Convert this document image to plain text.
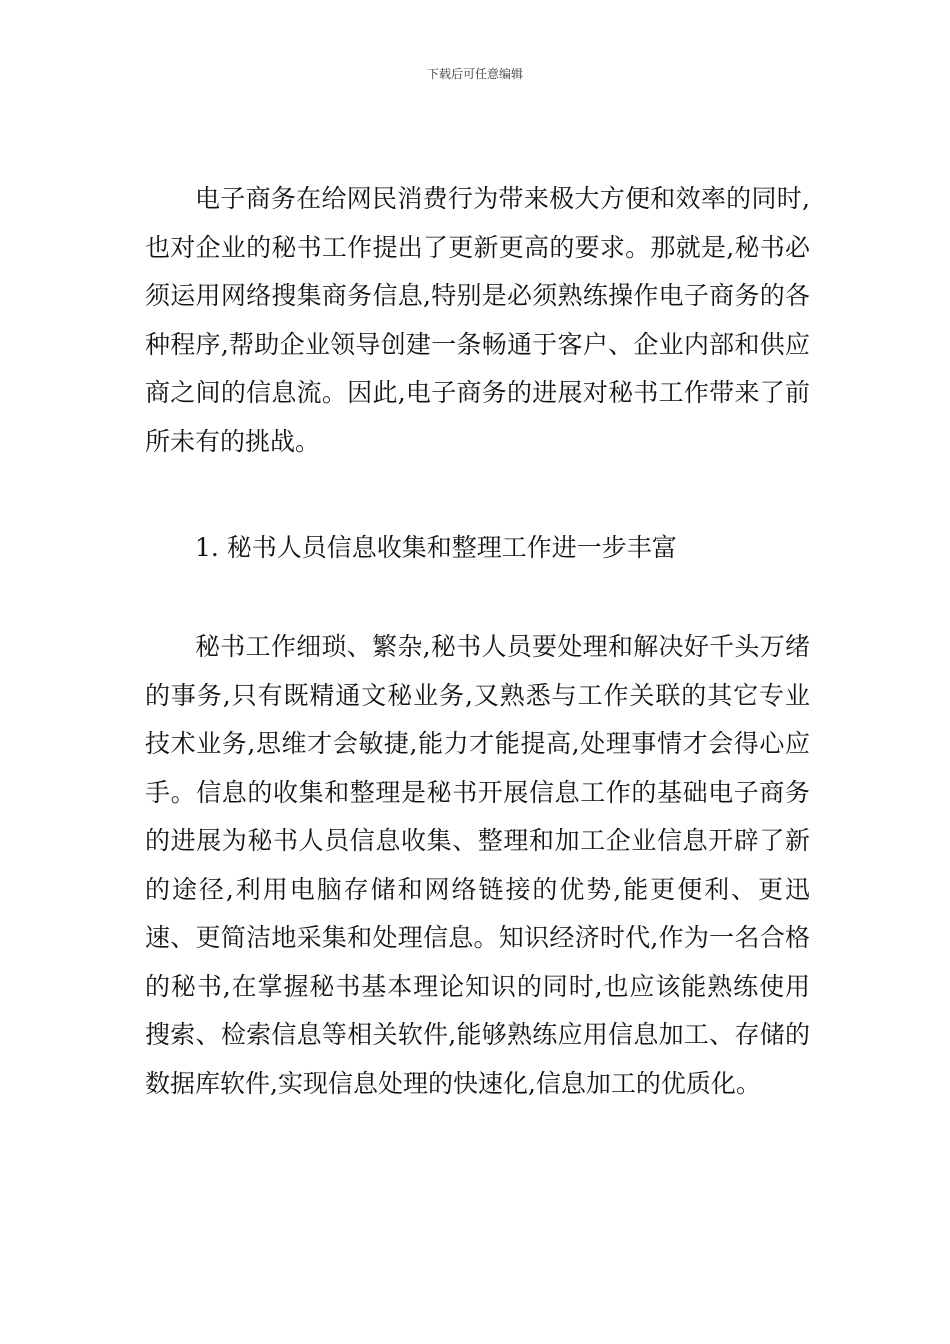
下载后可任意编辑

电子商务在给网民消费行为带来极大方便和效率的同时,也对企业的秘书工作提出了更新更高的要求。那就是,秘书必须运用网络搜集商务信息,特别是必须熟练操作电子商务的各种程序,帮助企业领导创建一条畅通于客户、企业内部和供应商之间的信息流。因此,电子商务的进展对秘书工作带来了前所未有的挑战。

1. 秘书人员信息收集和整理工作进一步丰富

秘书工作细琐、繁杂,秘书人员要处理和解决好千头万绪的事务,只有既精通文秘业务,又熟悉与工作关联的其它专业技术业务,思维才会敏捷,能力才能提高,处理事情才会得心应手。信息的收集和整理是秘书开展信息工作的基础电子商务的进展为秘书人员信息收集、整理和加工企业信息开辟了新的途径,利用电脑存储和网络链接的优势,能更便利、更迅速、更简洁地采集和处理信息。知识经济时代,作为一名合格的秘书,在掌握秘书基本理论知识的同时,也应该能熟练使用搜索、检索信息等相关软件,能够熟练应用信息加工、存储的数据库软件,实现信息处理的快速化,信息加工的优质化。
